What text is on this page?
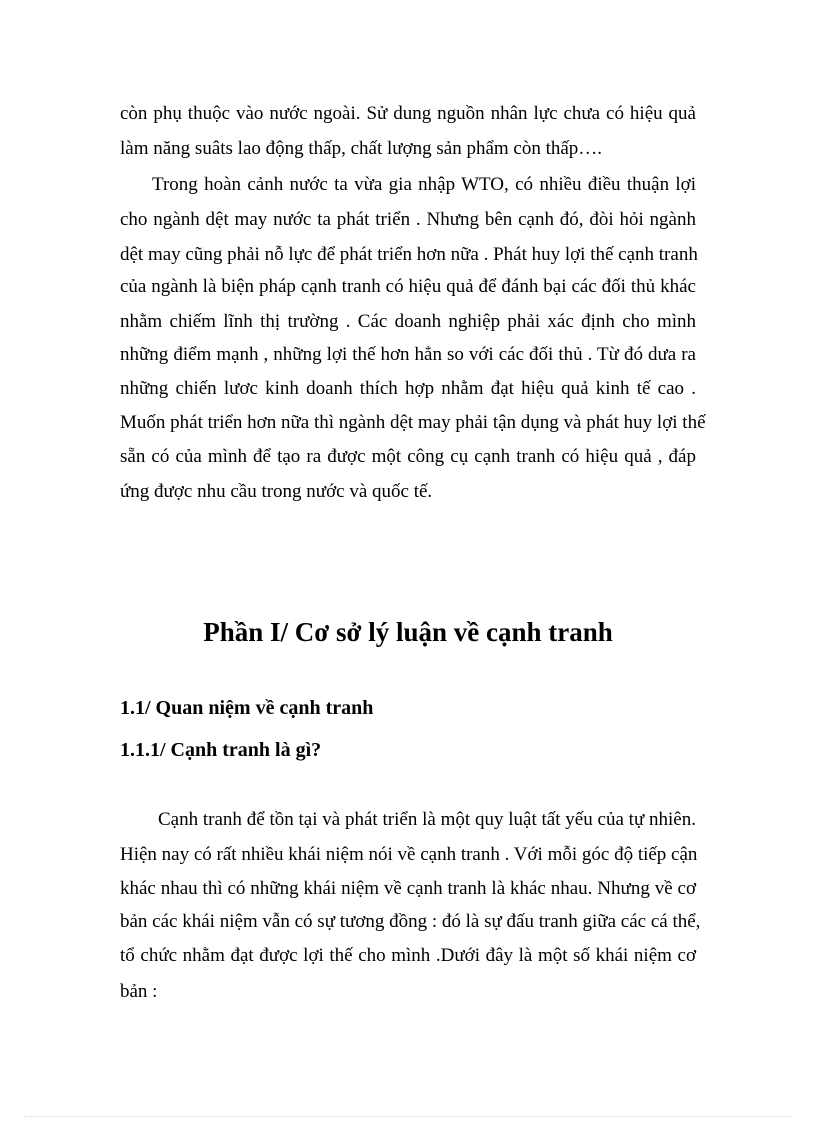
còn phụ thuộc vào nước ngoài. Sử dung nguồn nhân lực chưa có hiệu quả
làm năng suâts lao động thấp, chất lượng sản phẩm còn thấp….
Trong hoàn cảnh nước ta vừa gia nhập WTO, có nhiều điều thuận lợi
cho ngành dệt may nước ta phát triển . Nhưng bên cạnh đó, đòi hỏi ngành
dệt may cũng phải nỗ lực để phát triển hơn nữa . Phát huy lợi thế cạnh tranh
của ngành là biện pháp cạnh tranh có hiệu quả để đánh bại các đối thủ khác
nhằm chiếm lĩnh thị trường . Các doanh nghiệp phải xác định cho mình
những điểm mạnh , những lợi thế hơn hẳn so với các đối thủ . Từ đó dưa ra
những chiến lươc kinh doanh thích hợp nhằm đạt hiệu quả kinh tế cao .
Muốn phát triển hơn nữa thì ngành dệt may phải tận dụng và phát huy lợi thế
sẵn có của mình để tạo ra được một công cụ cạnh tranh có hiệu quả , đáp
ứng được nhu cầu trong nước và quốc tế.
Phần I/ Cơ sở lý luận về cạnh tranh
1.1/ Quan niệm về cạnh tranh
1.1.1/ Cạnh tranh là gì?
Cạnh tranh để tồn tại và phát triển là một quy luật tất yếu của tự nhiên.
Hiện nay có rất nhiều khái niệm nói về cạnh tranh . Với mỗi góc độ tiếp cận
khác nhau thì có những khái niệm về cạnh tranh là khác nhau. Nhưng về cơ
bản các khái niệm vẫn có sự tương đồng : đó là sự đấu tranh giữa các cá thể,
tổ chức nhằm đạt được lợi thế cho mình .Dưới đây là một số khái niệm cơ
bản :
